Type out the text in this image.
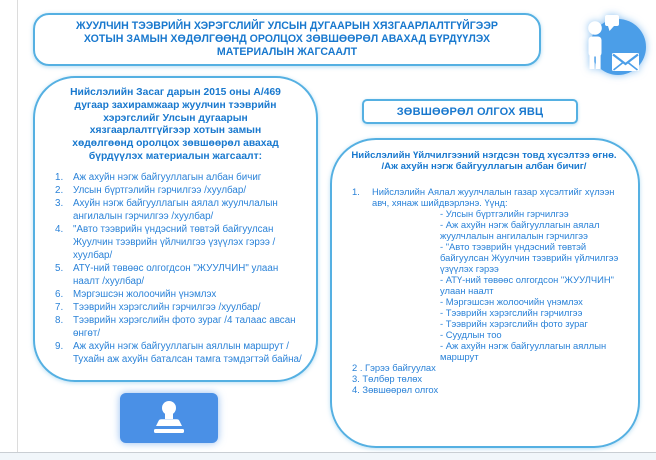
ЖУУЛЧИН ТЭЭВРИЙН ХЭРЭГСЛИЙГ УЛСЫН ДУГААРЫН ХЯЗГААРЛАЛТГҮЙГЭЭР ХОТЫН ЗАМЫН ХӨДӨЛГӨӨНД ОРОЛЦОХ ЗӨВШӨӨРӨЛ АВАХАД БҮРДҮҮЛЭХ МАТЕРИАЛЫН ЖАГСААЛТ
Нийслэлийн Засаг дарын 2015 оны А/469 дугаар захирамжаар жуулчин тээврийн хэрэгслийг Улсын дугаарын хязгаарлалтгүйгээр хотын замын хөдөлгөөнд оролцох зөвшөөрөл авахад бүрдүүлэх материалын жагсаалт:
1.	Аж ахуйн нэгж байгууллагын албан бичиг
2.	Улсын бүртгэлийн гэрчилгээ /хуулбар/
3.	Ахуйн нэгж байгууллагын аялал жуулчлалын ангилалын гэрчилгээ /хуулбар/
4.	"Авто тээврийн үндэсний төвтэй байгуулсан Жуулчин тээврийн үйлчилгээ үзүүлэх гэрээ /хуулбар/
5.	АТҮ-ний төвөөс олгогдсон "ЖУУЛЧИН" улаан наалт /хуулбар/
6.	Мэргэшсэн жолоочийн үнэмлэх
7.	Тээврийн хэрэгслийн гэрчилгээ /хуулбар/
8.	Тээврийн хэрэгслийн фото зураг /4 талаас авсан өнгөт/
9.	Аж ахуйн нэгж байгууллагын аяллын маршрут /Тухайн аж ахуйн баталсан тамга тэмдэгтэй байна/
ЗӨВШӨӨРӨЛ ОЛГОХ ЯВЦ
Нийслэлийн Үйлчилгээний нэгдсэн товд хүсэлтээ өгнө.
/Аж ахуйн нэгж байгууллагын албан бичиг/
1.	Нийслэлийн Аялал жуулчлалын газар хүсэлтийг хүлээн авч, хянаж шийдвэрлэнэ. Үүнд:
- Улсын бүртгэлийн гэрчилгээ
- Аж ахуйн нэгж байгууллагын аялал жуулчлалын ангилалын гэрчилгээ
- "Авто тээврийн үндэсний төвтэй байгуулсан Жуулчин тээврийн үйлчилгээ үзүүлэх гэрээ
- АТҮ-ний төвөөс олгогдсон "ЖУУЛЧИН" улаан наалт
- Мэргэшсэн жолоочийн үнэмлэх
- Тээврийн хэрэгслийн гэрчилгээ
- Тээврийн хэрэгслийн фото зураг
- Суудлын тоо
- Аж ахуйн нэгж байгууллагын аяллын маршрут
2 . Гэрээ байгуулах
3. Төлбөр төлөх
4. Зөвшөөрөл олгох
